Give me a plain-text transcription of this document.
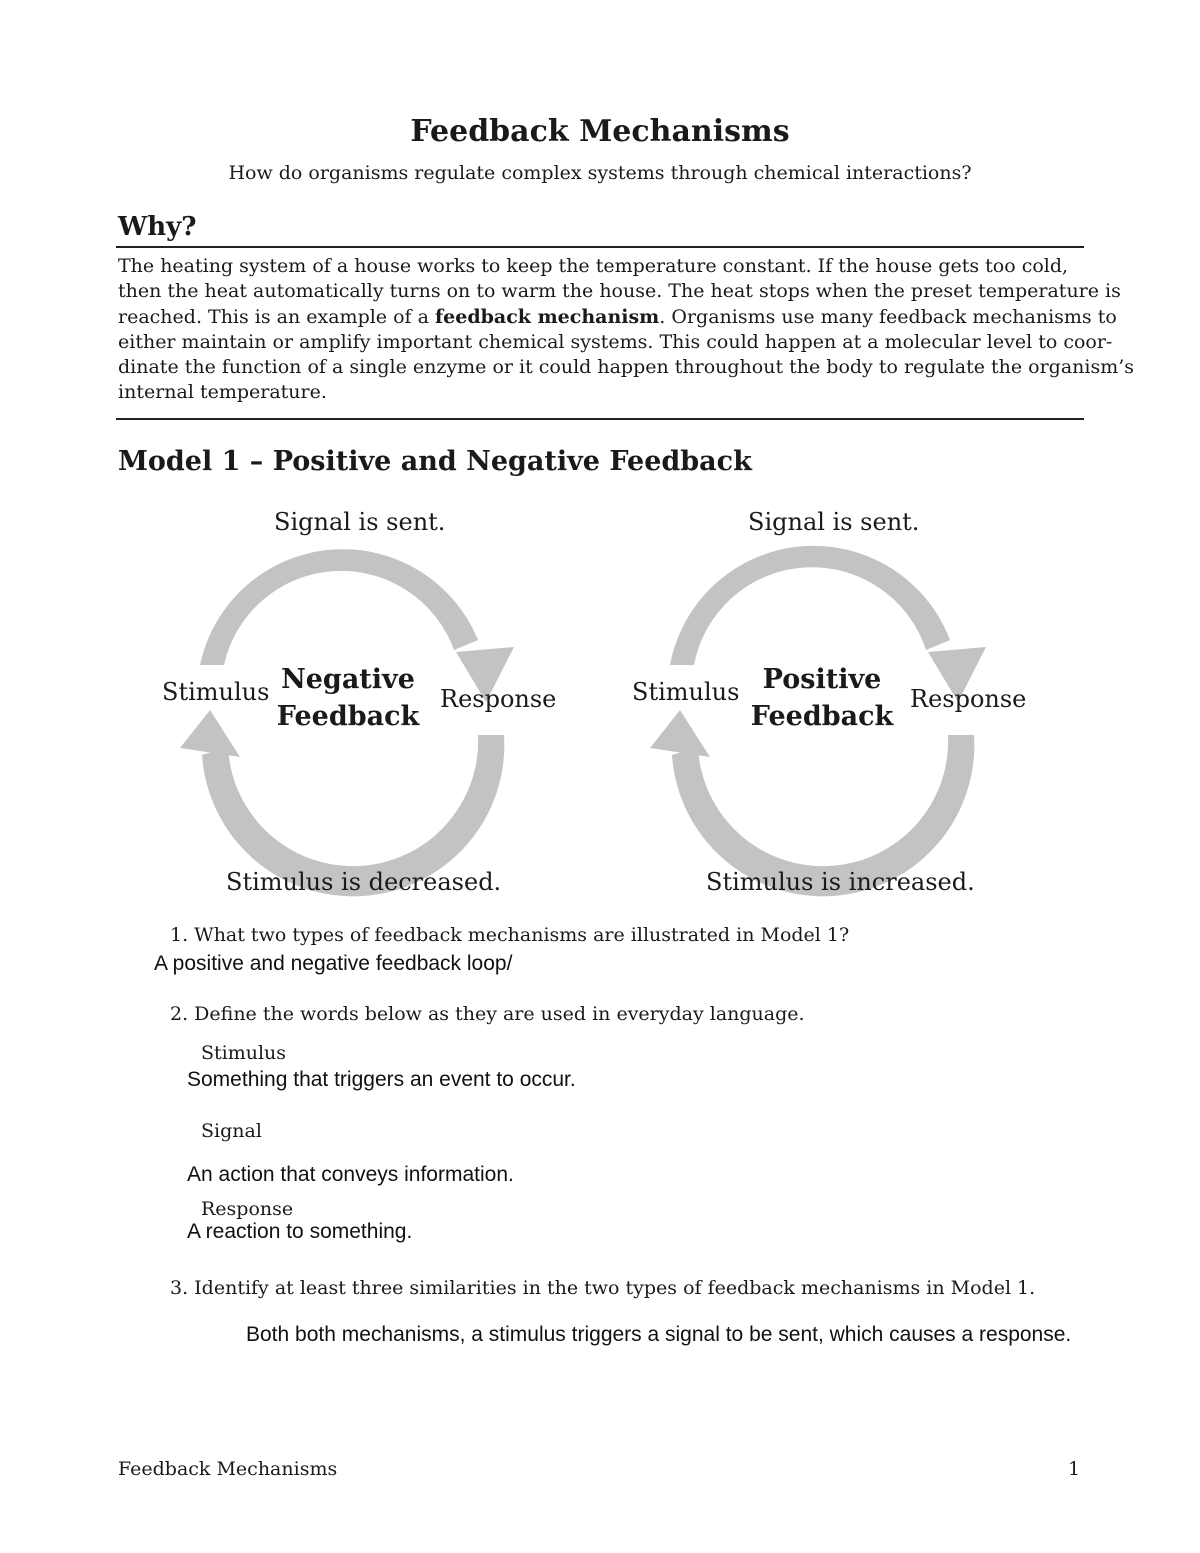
Feedback Mechanisms
How do organisms regulate complex systems through chemical interactions?
Why?
The heating system of a house works to keep the temperature constant. If the house gets too cold,
then the heat automatically turns on to warm the house. The heat stops when the preset temperature is
reached. This is an example of a feedback mechanism. Organisms use many feedback mechanisms to
either maintain or amplify important chemical systems. This could happen at a molecular level to coor-
dinate the function of a single enzyme or it could happen throughout the body to regulate the organism’s
internal temperature.
Model 1 – Positive and Negative Feedback
Signal is sent.
Stimulus	Response
Negative
Feedback
Stimulus is decreased.
Signal is sent.
Stimulus	Response
Positive
Feedback
Stimulus is increased.
1. What two types of feedback mechanisms are illustrated in Model 1?
A positive and negative feedback loop/
2. Define the words below as they are used in everyday language.
Stimulus
Something that triggers an event to occur.
Signal
An action that conveys information.
Response
A reaction to something.
3. Identify at least three similarities in the two types of feedback mechanisms in Model 1.
Both both mechanisms, a stimulus triggers a signal to be sent, which causes a response.
Feedback Mechanisms	1
